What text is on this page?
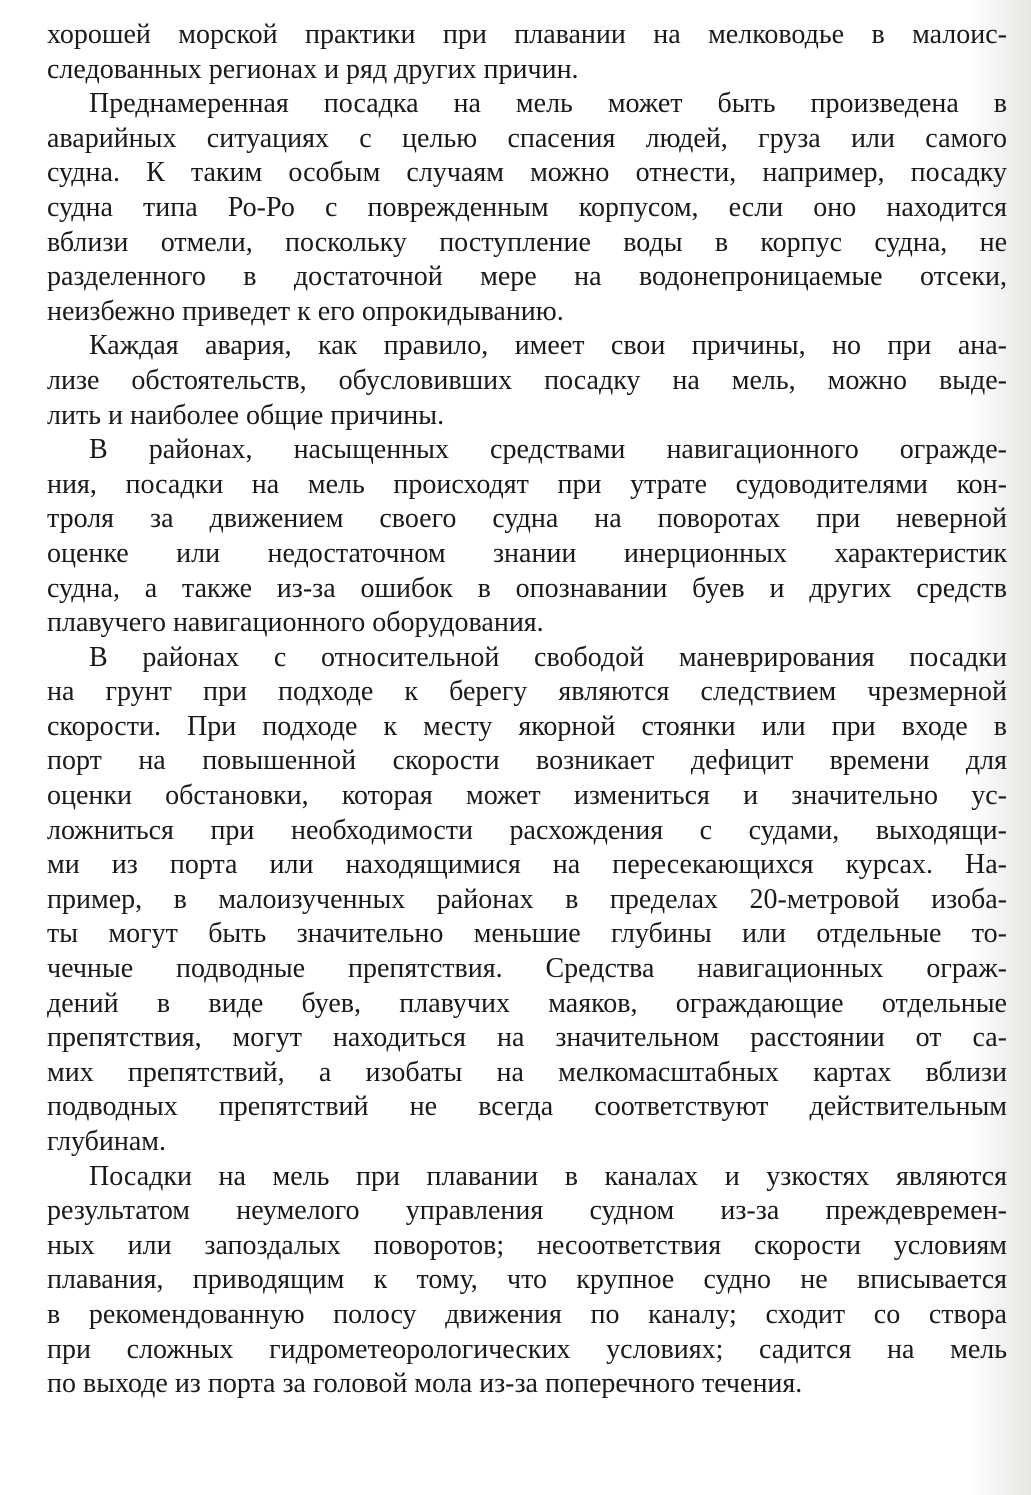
хорошей морской практики при плавании на мелководье в малоис-
следованных регионах и ряд других причин.
Преднамеренная посадка на мель может быть произведена в
аварийных ситуациях с целью спасения людей, груза или самого
судна. К таким особым случаям можно отнести, например, посадку
судна типа Ро-Ро с поврежденным корпусом, если оно находится
вблизи отмели, поскольку поступление воды в корпус судна, не
разделенного в достаточной мере на водонепроницаемые отсеки,
неизбежно приведет к его опрокидыванию.
Каждая авария, как правило, имеет свои причины, но при ана-
лизе обстоятельств, обусловивших посадку на мель, можно выде-
лить и наиболее общие причины.
В районах, насыщенных средствами навигационного огражде-
ния, посадки на мель происходят при утрате судоводителями кон-
троля за движением своего судна на поворотах при неверной
оценке или недостаточном знании инерционных характеристик
судна, а также из-за ошибок в опознавании буев и других средств
плавучего навигационного оборудования.
В районах с относительной свободой маневрирования посадки
на грунт при подходе к берегу являются следствием чрезмерной
скорости. При подходе к месту якорной стоянки или при входе в
порт на повышенной скорости возникает дефицит времени для
оценки обстановки, которая может измениться и значительно ус-
ложниться при необходимости расхождения с судами, выходящи-
ми из порта или находящимися на пересекающихся курсах. На-
пример, в малоизученных районах в пределах 20-метровой изоба-
ты могут быть значительно меньшие глубины или отдельные то-
чечные подводные препятствия. Средства навигационных ограж-
дений в виде буев, плавучих маяков, ограждающие отдельные
препятствия, могут находиться на значительном расстоянии от са-
мих препятствий, а изобаты на мелкомасштабных картах вблизи
подводных препятствий не всегда соответствуют действительным
глубинам.
Посадки на мель при плавании в каналах и узкостях являются
результатом неумелого управления судном из-за преждевремен-
ных или запоздалых поворотов; несоответствия скорости условиям
плавания, приводящим к тому, что крупное судно не вписывается
в рекомендованную полосу движения по каналу; сходит со створа
при сложных гидрометеорологических условиях; садится на мель
по выходе из порта за головой мола из-за поперечного течения.
